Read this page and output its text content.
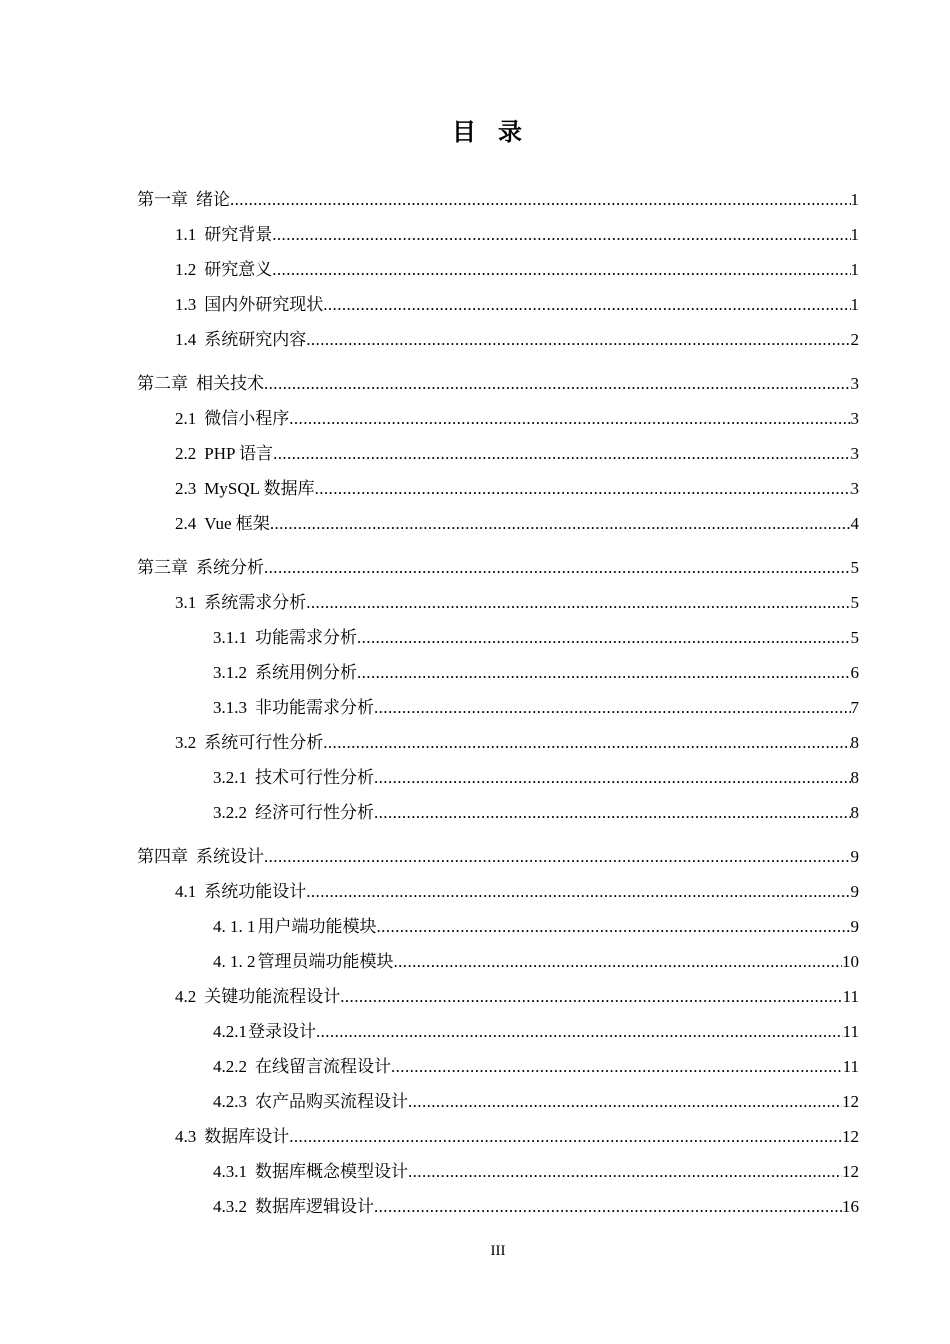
目录
第一章 绪论 .....	1
1.1 研究背景 .....	1
1.2 研究意义 .....	1
1.3 国内外研究现状 .....	1
1.4 系统研究内容 .....	2
第二章 相关技术 .....	3
2.1 微信小程序 .....	3
2.2 PHP 语言 .....	3
2.3 MySQL 数据库 .....	3
2.4 Vue 框架 .....	4
第三章 系统分析 .....	5
3.1 系统需求分析 .....	5
3.1.1 功能需求分析 .....	5
3.1.2 系统用例分析 .....	6
3.1.3 非功能需求分析 .....	7
3.2 系统可行性分析 .....	8
3.2.1 技术可行性分析 .....	8
3.2.2 经济可行性分析 .....	8
第四章 系统设计 .....	9
4.1 系统功能设计 .....	9
4. 1. 1 用户端功能模块 .....	9
4. 1. 2 管理员端功能模块 .....	10
4.2 关键功能流程设计 .....	11
4.2.1登录设计 .....	11
4.2.2 在线留言流程设计 .....	11
4.2.3 农产品购买流程设计 .....	12
4.3 数据库设计 .....	12
4.3.1 数据库概念模型设计 .....	12
4.3.2 数据库逻辑设计 .....	16
III
